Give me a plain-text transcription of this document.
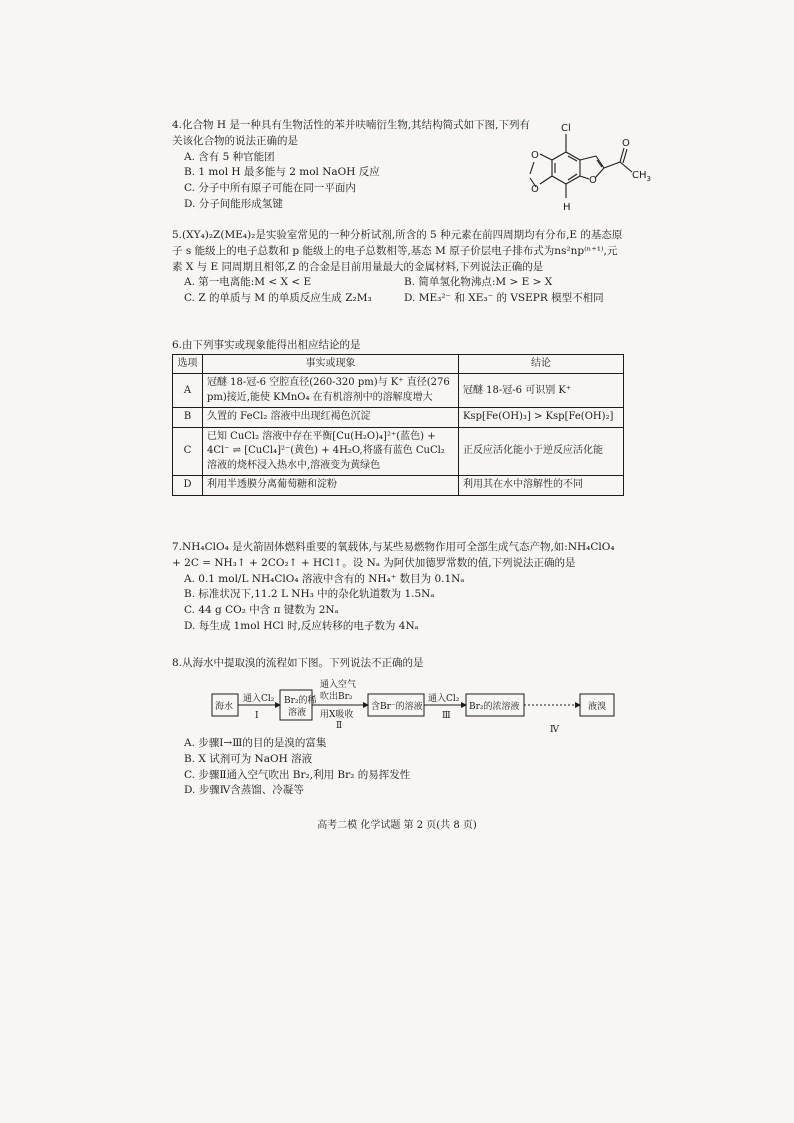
4.化合物 H 是一种具有生物活性的苯并呋喃衍生物,其结构简式如下图,下列有关该化合物的说法正确的是

A. 含有 5 种官能团

B. 1 mol H 最多能与 2 mol NaOH 反应

C. 分子中所有原子可能在同一平面内

D. 分子间能形成氢键

Cl
O
O
O
O
$CH_3$
H

5.(XY₄)₂Z(ME₄)₂是实验室常见的一种分析试剂,所含的 5 种元素在前四周期均有分布,E 的基态原子 s 能级上的电子总数和 p 能级上的电子总数相等,基态 M 原子价层电子排布式为ns²np⁽ⁿ⁺¹⁾,元素 X 与 E 同周期且相邻,Z 的合金是目前用量最大的金属材料,下列说法正确的是

A. 第一电离能:M < X < E	B. 简单氢化物沸点:M > E > X
C. Z 的单质与 M 的单质反应生成 Z₂M₃	D. ME₃²⁻ 和 XE₃⁻ 的 VSEPR 模型不相同

6.由下列事实或现象能得出相应结论的是

选项	事实或现象	结论
A	冠醚 18-冠-6 空腔直径(260-320 pm)与 K⁺ 直径(276 pm)接近,能使 KMnO₄ 在有机溶剂中的溶解度增大	冠醚 18-冠-6 可识别 K⁺
B	久置的 FeCl₂ 溶液中出现红褐色沉淀	Ksp[Fe(OH)₃] > Ksp[Fe(OH)₂]
C	已知 CuCl₂ 溶液中存在平衡[Cu(H₂O)₄]²⁺(蓝色) + 4Cl⁻ ⇌ [CuCl₄]²⁻(黄色) + 4H₂O,将盛有蓝色 CuCl₂ 溶液的烧杯浸入热水中,溶液变为黄绿色	正反应活化能小于逆反应活化能
D	利用半透膜分离葡萄糖和淀粉	利用其在水中溶解性的不同

7.NH₄ClO₄ 是火箭固体燃料重要的氧载体,与某些易燃物作用可全部生成气态产物,如:NH₄ClO₄ + 2C = NH₃↑ + 2CO₂↑ + HCl↑。设 Nₐ 为阿伏加德罗常数的值,下列说法正确的是

A. 0.1 mol/L NH₄ClO₄ 溶液中含有的 NH₄⁺ 数目为 0.1Nₐ

B. 标准状况下,11.2 L NH₃ 中的杂化轨道数为 1.5Nₐ

C. 44 g CO₂ 中含 π 键数为 2Nₐ

D. 每生成 1mol HCl 时,反应转移的电子数为 4Nₐ

8.从海水中提取溴的流程如下图。下列说法不正确的是

海水
通入Cl₂
Ⅰ
Br₂的稀
溶液
通入空气
吹出Br₂
用X吸收
Ⅱ
含Br⁻的溶液
通入Cl₂
Ⅲ
Br₂的浓溶液
Ⅳ
液溴

A. 步骤Ⅰ→Ⅲ的目的是溴的富集

B. X 试剂可为 NaOH 溶液

C. 步骤Ⅱ通入空气吹出 Br₂,利用 Br₂ 的易挥发性

D. 步骤Ⅳ含蒸馏、冷凝等

高考二模 化学试题 第 2 页(共 8 页)
